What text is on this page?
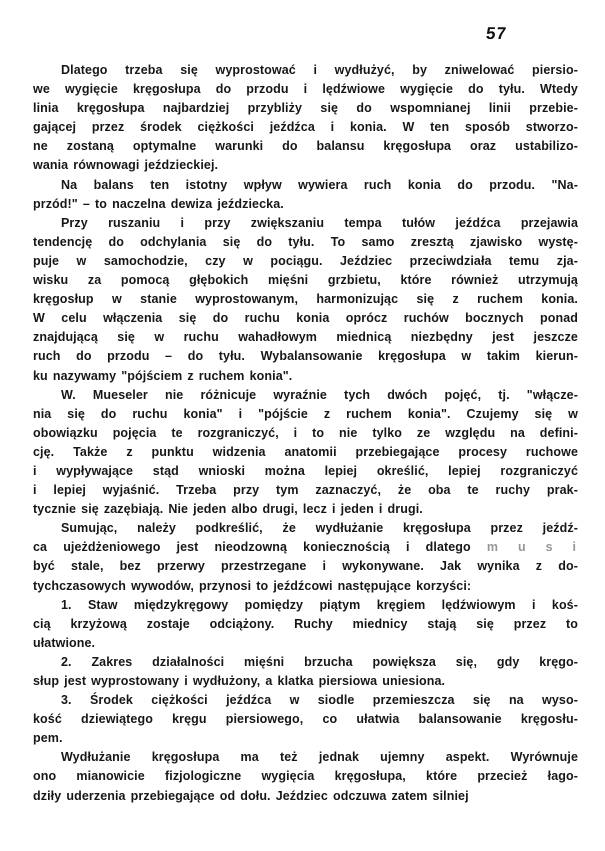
57
Dlatego trzeba się wyprostować i wydłużyć, by zniwelować piersio-
we wygięcie kręgosłupa do przodu i lędźwiowe wygięcie do tyłu. Wtedy
linia kręgosłupa najbardziej przybliży się do wspomnianej linii przebie-
gającej przez środek ciężkości jeźdźca i konia. W ten sposób stworzo-
ne zostaną optymalne warunki do balansu kręgosłupa oraz ustabilizo-
wania równowagi jeździeckiej.
Na balans ten istotny wpływ wywiera ruch konia do przodu. "Na-
przód!" – to naczelna dewiza jeździecka.
Przy ruszaniu i przy zwiększaniu tempa tułów jeźdźca przejawia
tendencję do odchylania się do tyłu. To samo zresztą zjawisko wystę-
puje w samochodzie, czy w pociągu. Jeździec przeciwdziała temu zja-
wisku za pomocą głębokich mięśni grzbietu, które również utrzymują
kręgosłup w stanie wyprostowanym, harmonizując się z ruchem konia.
W celu włączenia się do ruchu konia oprócz ruchów bocznych ponad
znajdującą się w ruchu wahadłowym miednicą niezbędny jest jeszcze
ruch do przodu – do tyłu. Wybalansowanie kręgosłupa w takim kierun-
ku nazywamy "pójściem z ruchem konia".
W. Mueseler nie różnicuje wyraźnie tych dwóch pojęć, tj. "włącze-
nia się do ruchu konia" i "pójście z ruchem konia". Czujemy się w
obowiązku pojęcia te rozgraniczyć, i to nie tylko ze względu na defini-
cję. Także z punktu widzenia anatomii przebiegające procesy ruchowe
i wypływające stąd wnioski można lepiej określić, lepiej rozgraniczyć
i lepiej wyjaśnić. Trzeba przy tym zaznaczyć, że oba te ruchy prak-
tycznie się zazębiają. Nie jeden albo drugi, lecz i jeden i drugi.
Sumując, należy podkreślić, że wydłużanie kręgosłupa przez jeźdź-
ca ujeżdżeniowego jest nieodzowną koniecznością i dlatego m u s i
być stale, bez przerwy przestrzegane i wykonywane. Jak wynika z do-
tychczasowych wywodów, przynosi to jeźdźcowi następujące korzyści:
1. Staw międzykręgowy pomiędzy piątym kręgiem lędźwiowym i koś-
cią krzyżową zostaje odciążony. Ruchy miednicy stają się przez to
ułatwione.
2. Zakres działalności mięśni brzucha powiększa się, gdy kręgo-
słup jest wyprostowany i wydłużony, a klatka piersiowa uniesiona.
3. Środek ciężkości jeźdźca w siodle przemieszcza się na wyso-
kość dziewiątego kręgu piersiowego, co ułatwia balansowanie kręgosłu-
pem.
Wydłużanie kręgosłupa ma też jednak ujemny aspekt. Wyrównuje
ono mianowicie fizjologiczne wygięcia kręgosłupa, które przecież łago-
dziły uderzenia przebiegające od dołu. Jeździec odczuwa zatem silniej
